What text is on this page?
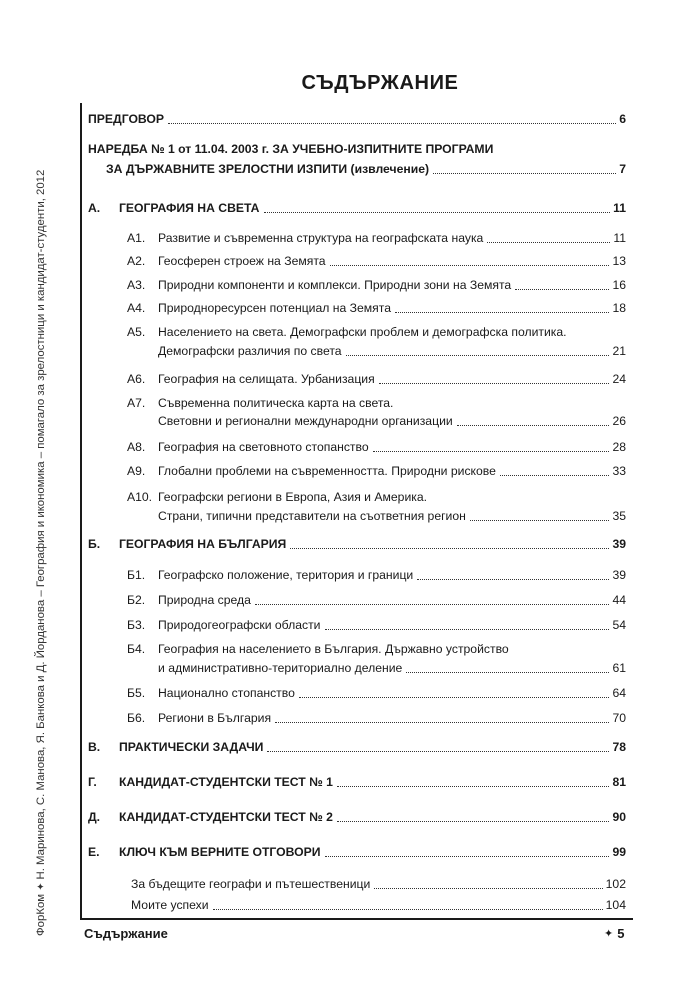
ФорКом ✦ Н. Маринова, С. Манова, Я. Банкова и Д. Йорданова – География и икономика – помагало за зрелостници и кандидат-студенти, 2012
СЪДЪРЖАНИЕ
ПРЕДГОВОР	6
НАРЕДБА № 1 от 11.04. 2003 г. ЗА УЧЕБНО-ИЗПИТНИТЕ ПРОГРАМИ
ЗА ДЪРЖАВНИТЕ ЗРЕЛОСТНИ ИЗПИТИ (извлечение)	7
А.	ГЕОГРАФИЯ НА СВЕТА	11
А1.	Развитие и съвременна структура на географската наука	11
А2.	Геосферен строеж на Земята	13
А3.	Природни компоненти и комплекси. Природни зони на Земята	16
А4.	Природноресурсен потенциал на Земята	18
А5. Населението на света. Демографски проблем и демографска политика.
Демографски различия по света	21
А6.	География на селищата. Урбанизация	24
А7. Съвременна политическа карта на света.
Световни и регионални международни организации	26
А8.	География на световното стопанство	28
А9.	Глобални проблеми на съвременността. Природни рискове	33
А10. Географски региони в Европа, Азия и Америка.
Страни, типични представители на съответния регион	35
Б.	ГЕОГРАФИЯ НА БЪЛГАРИЯ	39
Б1.	Географско положение, територия и граници	39
Б2.	Природна среда	44
Б3.	Природогеографски области	54
Б4. География на населението в България. Държавно устройство
и административно-териториално деление	61
Б5.	Национално стопанство	64
Б6.	Региони в България	70
В.	ПРАКТИЧЕСКИ ЗАДАЧИ	78
Г.	КАНДИДАТ-СТУДЕНТСКИ ТЕСТ № 1	81
Д.	КАНДИДАТ-СТУДЕНТСКИ ТЕСТ № 2	90
Е.	КЛЮЧ КЪМ ВЕРНИТЕ ОТГОВОРИ	99
За бъдещите географи и пътешественици	102
Моите успехи	104
Съдържание	✦ 5
